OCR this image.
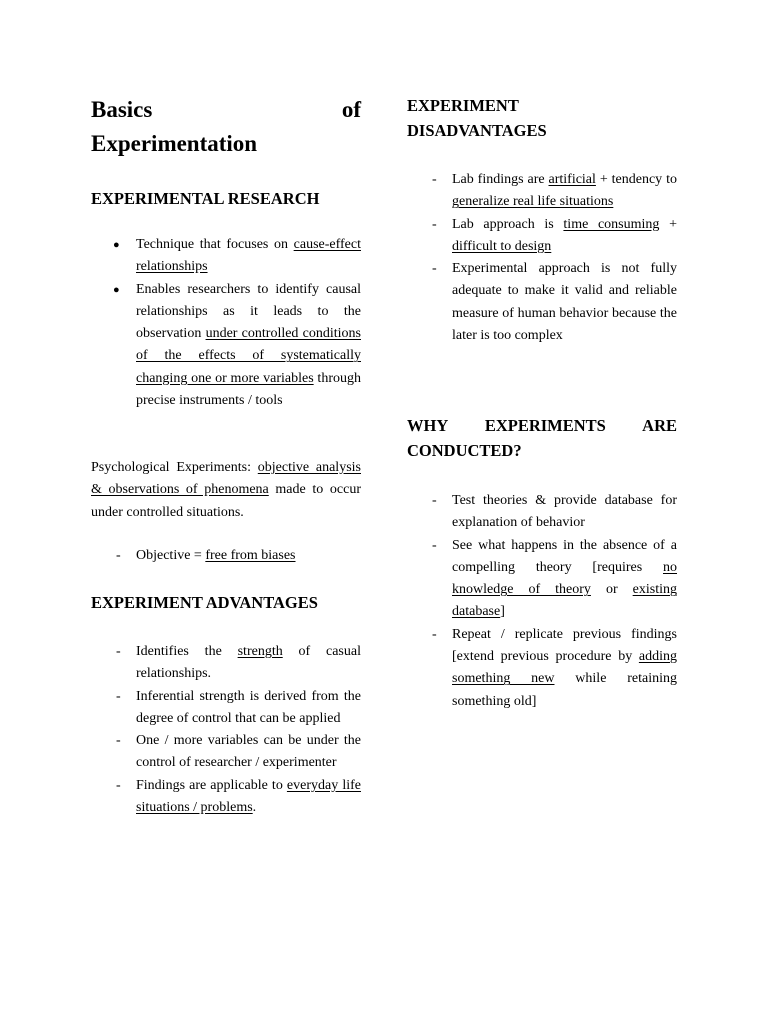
Basics	of
Experimentation
EXPERIMENTAL RESEARCH
● Technique that focuses on cause-effect relationships
● Enables researchers to identify causal relationships as it leads to the observation under controlled conditions of the effects of systematically changing one or more variables through precise instruments / tools

Psychological Experiments: objective analysis & observations of phenomena made to occur under controlled situations.

- Objective = free from biases
EXPERIMENT ADVANTAGES
- Identifies the strength of casual relationships.
- Inferential strength is derived from the degree of control that can be applied
- One / more variables can be under the control of researcher / experimenter
- Findings are applicable to everyday life situations / problems.
EXPERIMENT
DISADVANTAGES
- Lab findings are artificial + tendency to generalize real life situations
- Lab approach is time consuming + difficult to design
- Experimental approach is not fully adequate to make it valid and reliable measure of human behavior because the later is too complex
WHY EXPERIMENTS ARE
CONDUCTED?
- Test theories & provide database for explanation of behavior
- See what happens in the absence of a compelling theory [requires no knowledge of theory or existing database]
- Repeat / replicate previous findings [extend previous procedure by adding something new while retaining something old]
